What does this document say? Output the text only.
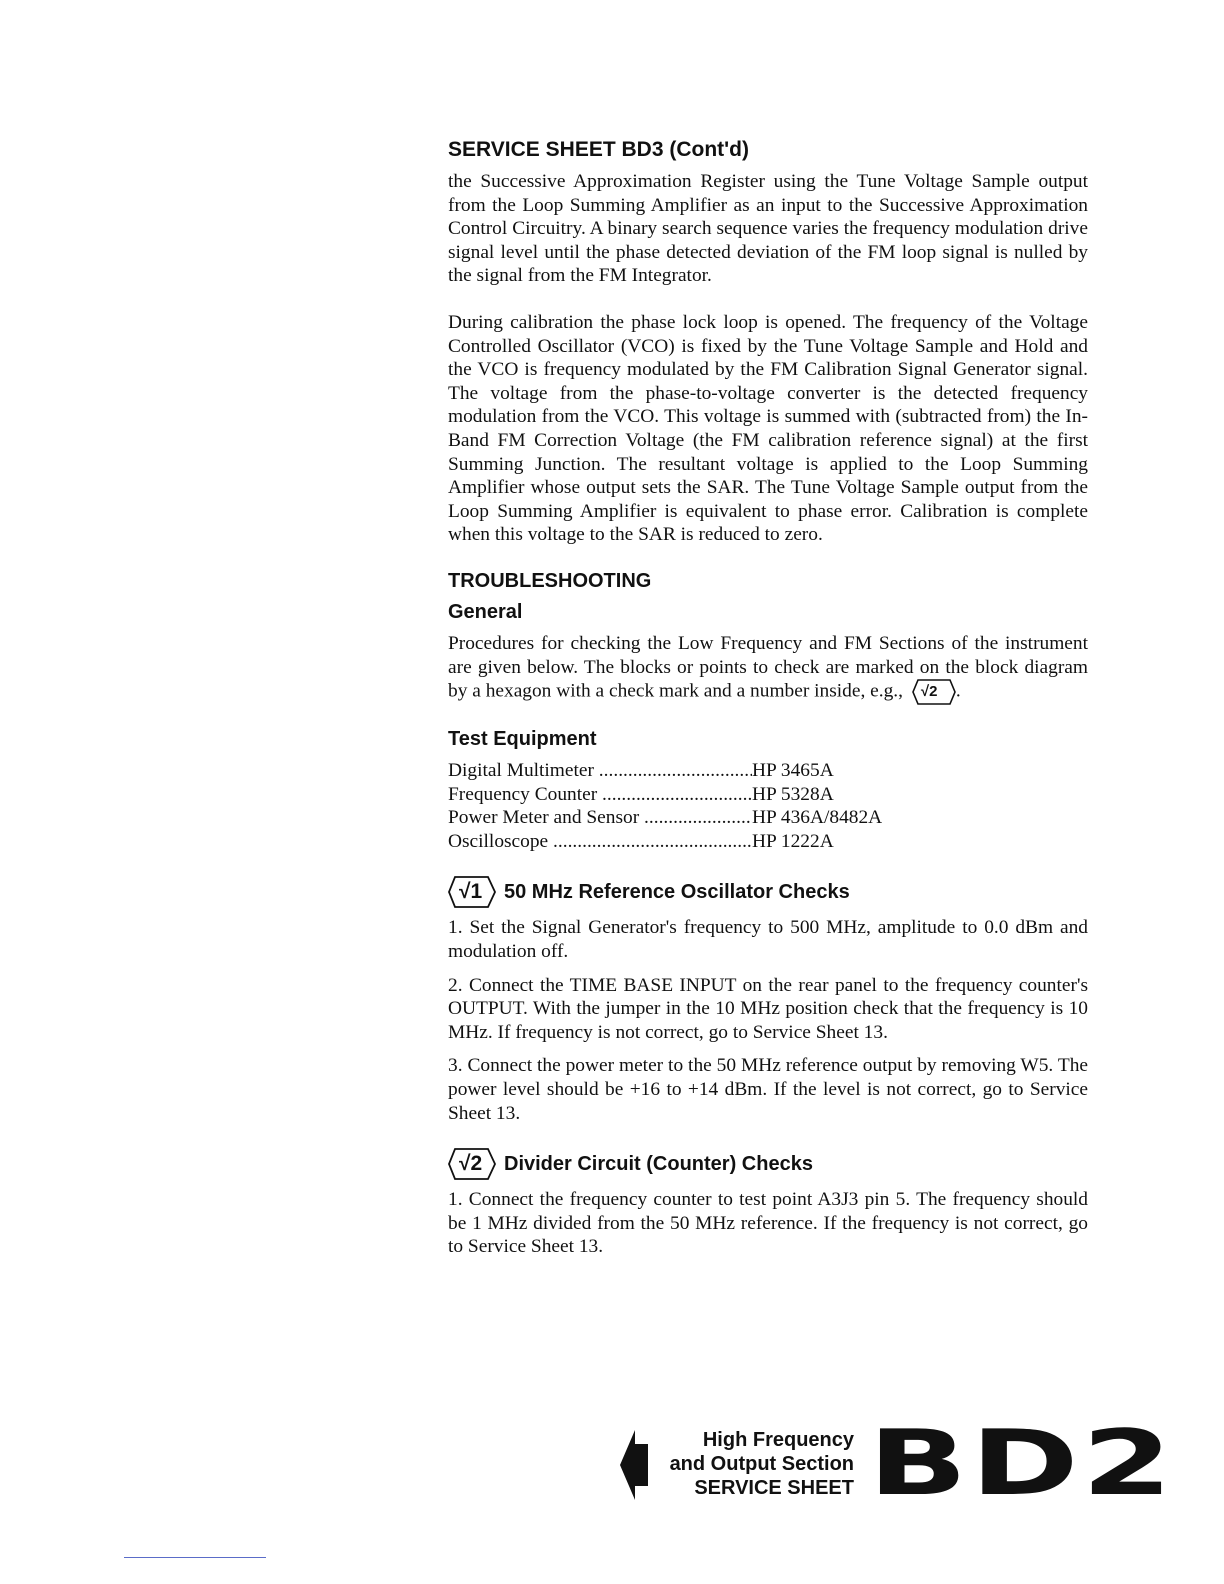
SERVICE SHEET BD3 (Cont'd)

the Successive Approximation Register using the Tune Voltage Sample output from the Loop Summing Amplifier as an input to the Successive Approximation Control Circuitry. A binary search sequence varies the frequency modulation drive signal level until the phase detected deviation of the FM loop signal is nulled by the signal from the FM Integrator.

During calibration the phase lock loop is opened. The frequency of the Voltage Controlled Oscillator (VCO) is fixed by the Tune Voltage Sample and Hold and the VCO is frequency modulated by the FM Calibration Signal Generator signal. The voltage from the phase-to-voltage converter is the detected frequency modulation from the VCO. This voltage is summed with (subtracted from) the In-Band FM Correction Voltage (the FM calibration reference signal) at the first Summing Junction. The resultant voltage is applied to the Loop Summing Amplifier whose output sets the SAR. The Tune Voltage Sample output from the Loop Summing Amplifier is equivalent to phase error. Calibration is complete when this voltage to the SAR is reduced to zero.

TROUBLESHOOTING
General

Procedures for checking the Low Frequency and FM Sections of the instrument are given below. The blocks or points to check are marked on the block diagram by a hexagon with a check mark and a number inside, e.g., √2 .

Test Equipment
Digital Multimeter .....	HP 3465A
Frequency Counter .....	HP 5328A
Power Meter and Sensor .....	HP 436A/8482A
Oscilloscope .....	HP 1222A
√1	50 MHz Reference Oscillator Checks

1. Set the Signal Generator's frequency to 500 MHz, amplitude to 0.0 dBm and modulation off.

2. Connect the TIME BASE INPUT on the rear panel to the frequency counter's OUTPUT. With the jumper in the 10 MHz position check that the frequency is 10 MHz. If frequency is not correct, go to Service Sheet 13.

3. Connect the power meter to the 50 MHz reference output by removing W5. The power level should be +16 to +14 dBm. If the level is not correct, go to Service Sheet 13.

√2	Divider Circuit (Counter) Checks

1. Connect the frequency counter to test point A3J3 pin 5. The frequency should be 1 MHz divided from the 50 MHz reference. If the frequency is not correct, go to Service Sheet 13.

High Frequency
and Output Section
SERVICE SHEET BD2
